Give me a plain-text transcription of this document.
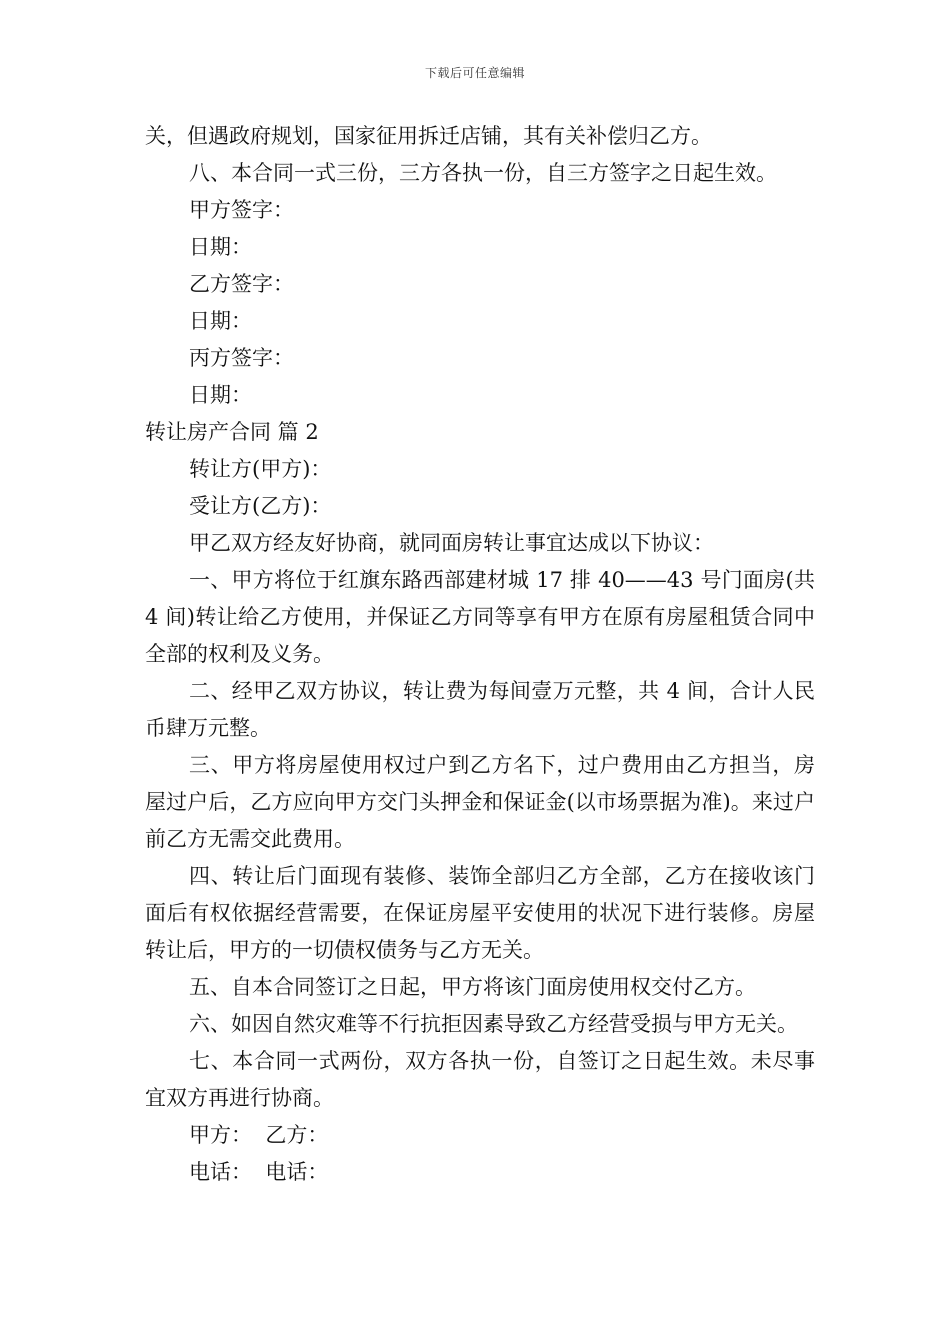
下载后可任意编辑

关，但遇政府规划，国家征用拆迁店铺，其有关补偿归乙方。

八、本合同一式三份，三方各执一份，自三方签字之日起生效。

甲方签字：

日期：

乙方签字：

日期：

丙方签字：

日期：

转让房产合同 篇 2

转让方(甲方)：

受让方(乙方)：

甲乙双方经友好协商，就同面房转让事宜达成以下协议：

一、甲方将位于红旗东路西部建材城 17 排 40——43 号门面房(共 4 间)转让给乙方使用，并保证乙方同等享有甲方在原有房屋租赁合同中全部的权利及义务。

二、经甲乙双方协议，转让费为每间壹万元整，共 4 间，合计人民币肆万元整。

三、甲方将房屋使用权过户到乙方名下，过户费用由乙方担当，房屋过户后，乙方应向甲方交门头押金和保证金(以市场票据为准)。来过户前乙方无需交此费用。

四、转让后门面现有装修、装饰全部归乙方全部，乙方在接收该门面后有权依据经营需要，在保证房屋平安使用的状况下进行装修。房屋转让后，甲方的一切债权债务与乙方无关。

五、自本合同签订之日起，甲方将该门面房使用权交付乙方。

六、如因自然灾难等不行抗拒因素导致乙方经营受损与甲方无关。

七、本合同一式两份，双方各执一份，自签订之日起生效。未尽事宜双方再进行协商。

甲方：  乙方：

电话：  电话：
